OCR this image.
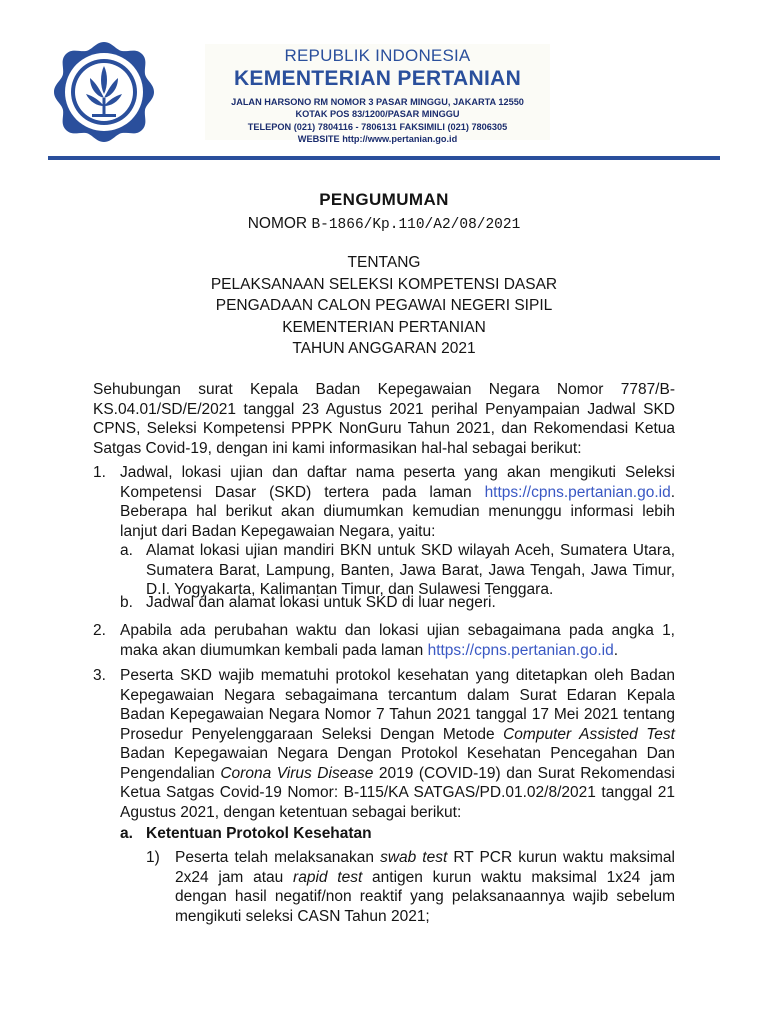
REPUBLIK INDONESIA
KEMENTERIAN PERTANIAN
JALAN HARSONO RM NOMOR 3 PASAR MINGGU, JAKARTA 12550
KOTAK POS 83/1200/PASAR MINGGU
TELEPON (021) 7804116 - 7806131 FAKSIMILI (021) 7806305
WEBSITE http://www.pertanian.go.id
PENGUMUMAN
NOMOR B-1866/Kp.110/A2/08/2021
TENTANG
PELAKSANAAN SELEKSI KOMPETENSI DASAR
PENGADAAN CALON PEGAWAI NEGERI SIPIL
KEMENTERIAN PERTANIAN
TAHUN ANGGARAN 2021

Sehubungan surat Kepala Badan Kepegawaian Negara Nomor 7787/B-KS.04.01/SD/E/2021 tanggal 23 Agustus 2021 perihal Penyampaian Jadwal SKD CPNS, Seleksi Kompetensi PPPK NonGuru Tahun 2021, dan Rekomendasi Ketua Satgas Covid-19, dengan ini kami informasikan hal-hal sebagai berikut:

1. Jadwal, lokasi ujian dan daftar nama peserta yang akan mengikuti Seleksi Kompetensi Dasar (SKD) tertera pada laman https://cpns.pertanian.go.id. Beberapa hal berikut akan diumumkan kemudian menunggu informasi lebih lanjut dari Badan Kepegawaian Negara, yaitu:

a. Alamat lokasi ujian mandiri BKN untuk SKD wilayah Aceh, Sumatera Utara, Sumatera Barat, Lampung, Banten, Jawa Barat, Jawa Tengah, Jawa Timur, D.I. Yogyakarta, Kalimantan Timur, dan Sulawesi Tenggara.

b. Jadwal dan alamat lokasi untuk SKD di luar negeri.

2. Apabila ada perubahan waktu dan lokasi ujian sebagaimana pada angka 1, maka akan diumumkan kembali pada laman https://cpns.pertanian.go.id.

3. Peserta SKD wajib mematuhi protokol kesehatan yang ditetapkan oleh Badan Kepegawaian Negara sebagaimana tercantum dalam Surat Edaran Kepala Badan Kepegawaian Negara Nomor 7 Tahun 2021 tanggal 17 Mei 2021 tentang Prosedur Penyelenggaraan Seleksi Dengan Metode Computer Assisted Test Badan Kepegawaian Negara Dengan Protokol Kesehatan Pencegahan Dan Pengendalian Corona Virus Disease 2019 (COVID-19) dan Surat Rekomendasi Ketua Satgas Covid-19 Nomor: B-115/KA SATGAS/PD.01.02/8/2021 tanggal 21 Agustus 2021, dengan ketentuan sebagai berikut:

a. Ketentuan Protokol Kesehatan
1) Peserta telah melaksanakan swab test RT PCR kurun waktu maksimal 2x24 jam atau rapid test antigen kurun waktu maksimal 1x24 jam dengan hasil negatif/non reaktif yang pelaksanaannya wajib sebelum mengikuti seleksi CASN Tahun 2021;
